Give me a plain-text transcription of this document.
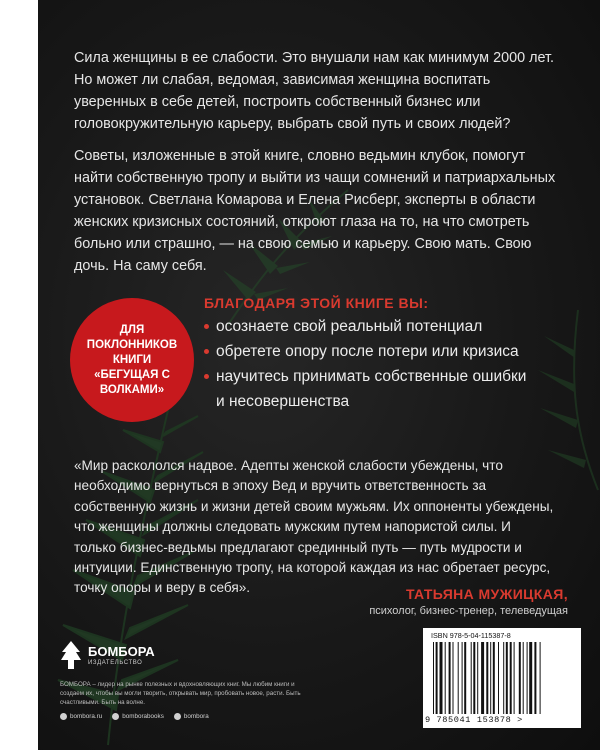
Сила женщины в ее слабости. Это внушали нам как минимум 2000 лет. Но может ли слабая, ведомая, зависимая женщина воспитать уверенных в себе детей, построить собственный бизнес или головокружительную карьеру, выбрать свой путь и своих людей?

Советы, изложенные в этой книге, словно ведьмин клубок, помогут найти собственную тропу и выйти из чащи сомнений и патриархальных установок. Светлана Комарова и Елена Рисберг, эксперты в области женских кризисных состояний, откроют глаза на то, на что смотреть больно или страшно, — на свою семью и карьеру. Свою мать. Свою дочь. На саму себя.

ДЛЯ ПОКЛОННИКОВ КНИГИ «БЕГУЩАЯ С ВОЛКАМИ»
БЛАГОДАРЯ ЭТОЙ КНИГЕ ВЫ:
осознаете свой реальный потенциал
обретете опору после потери или кризиса
научитесь принимать собственные ошибки
и несовершенства

«Мир раскололся надвое. Адепты женской слабости убеждены, что необходимо вернуться в эпоху Вед и вручить ответственность за собственную жизнь и жизни детей своим мужьям. Их оппоненты убеждены, что женщины должны следовать мужским путем напористой силы. И только бизнес-ведьмы предлагают срединный путь — путь мудрости и интуиции. Единственную тропу, на которой каждая из нас обретает ресурс, точку опоры и веру в себя».	ТАТЬЯНА МУЖИЦКАЯ,
психолог, бизнес-тренер, телеведущая
БОМБОРА
ИЗДАТЕЛЬСТВО

БОМБОРА – лидер на рынке полезных и вдохновляющих книг. Мы любим книги и создаем их, чтобы вы могли творить, открывать мир, пробовать новое, расти. Быть счастливыми. Быть на волне.

bombora.ru	bomborabooks	bombora
ISBN 978-5-04-115387-8
9 785041 153878 >
